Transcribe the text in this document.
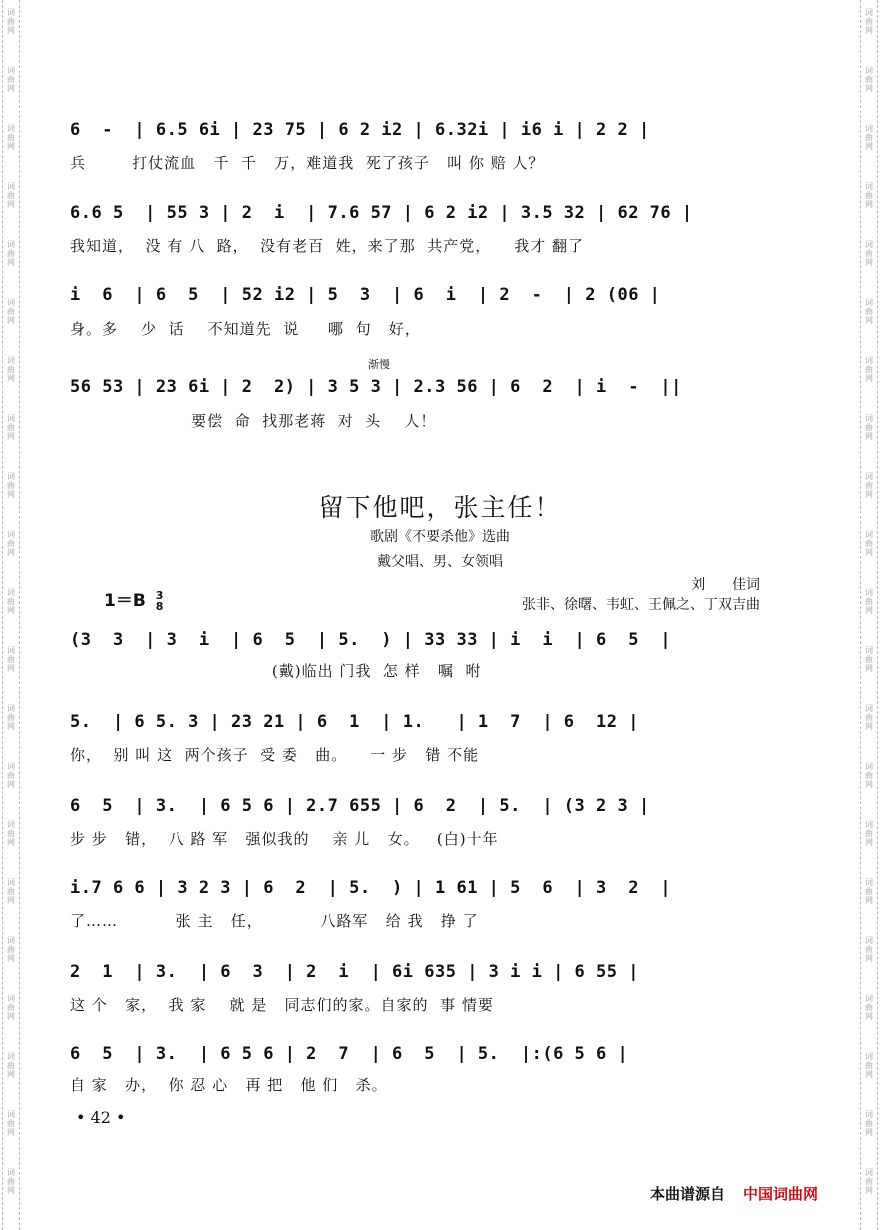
词
曲
网
词
曲
网
词
曲
网
词
曲
网
词
曲
网
词
曲
网
词
曲
网
词
曲
网
词
曲
网
词
曲
网
词
曲
网
词
曲
网
词
曲
网
词
曲
网
词
曲
网
词
曲
网
词
曲
网
词
曲
网
词
曲
网
词
曲
网
词
曲
网
词
曲
网
词
曲
网
词
曲
网
词
曲
网
词
曲
网
词
曲
网
词
曲
网
词
曲
网
词
曲
网
词
曲
网
词
曲
网
词
曲
网
词
曲
网
词
曲
网
词
曲
网
词
曲
网
词
曲
网
词
曲
网
词
曲
网
词
曲
网
词
曲
网
6  -  | 6.5 6i | 23 75 | 6 2 i2 | 6.32i | i6 i | 2 2 |
兵        打仗流血   千  千   万，难道我  死了孩子   叫 你 赔 人？
6.6 5  | 55 3 | 2  i  | 7.6 57 | 6 2 i2 | 3.5 32 | 62 76 |
我知道，  没 有 八  路，  没有老百  姓，来了那  共产党，    我才 翻了
i  6  | 6  5  | 52 i2 | 5  3  | 6  i  | 2  -  | 2 (06 |
身。多    少  话    不知道先  说     哪  句   好，
渐慢
56 53 | 23 6i | 2  2) | 3 5 3 | 2.3 56 | 6  2  | i  -  ||
要偿  命  找那老蒋  对  头    人！
留下他吧，张主任！
歌剧《不要杀他》选曲
戴父唱、男、女领唱
刘      佳词
张非、徐曙、韦虹、王佩之、丁双吉曲
1＝B 3
8
(3  3  | 3  i  | 6  5  | 5.  ) | 33 33 | i  i  | 6  5  |
(戴)临出 门我  怎 样   嘱  咐
5.  | 6 5. 3 | 23 21 | 6  1  | 1.   | 1  7  | 6  12 |
你，  别 叫 这  两个孩子  受 委   曲。    一 步   错 不能
6  5  | 3.  | 6 5 6 | 2.7 655 | 6  2  | 5.  | (3 2 3 |
步 步   错，  八 路 军   强似我的    亲 儿   女。   (白)十年
i.7 6 6 | 3 2 3 | 6  2  | 5.  ) | 1 61 | 5  6  | 3  2  |
了……          张 主   任，          八路军   给 我   挣 了
2  1  | 3.  | 6  3  | 2  i  | 6i 635 | 3 i i | 6 55 |
这 个   家，  我 家    就 是   同志们的家。自家的  事 情要
6  5  | 3.  | 6 5 6 | 2  7  | 6  5  | 5.  |:(6 5 6 |
自 家   办，  你 忍 心   再 把   他 们   杀。
• 42 •
本曲谱源自 中国词曲网
